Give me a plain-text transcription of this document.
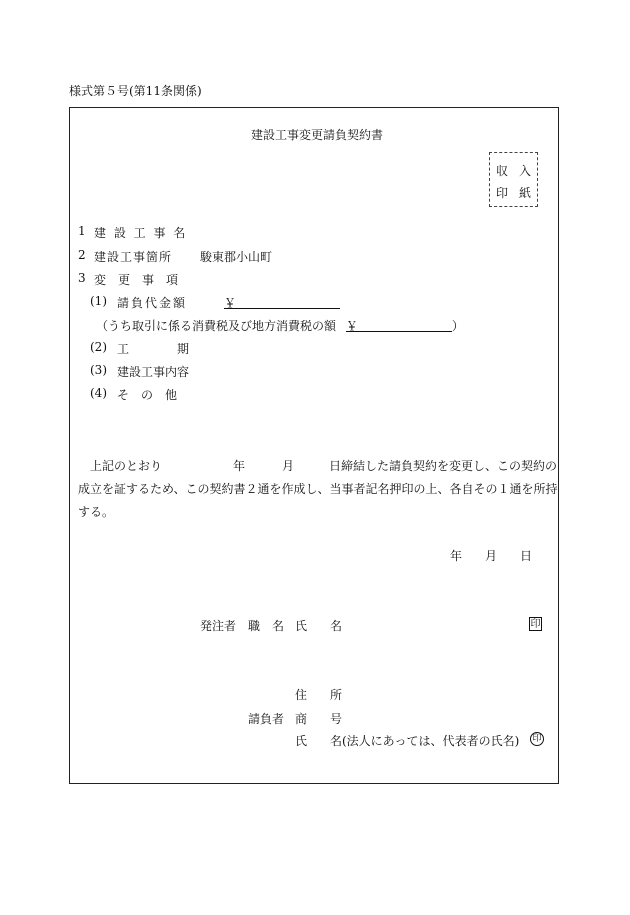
様式第５号(第11条関係)
建設工事変更請負契約書
収 入
印 紙
1 建 設 工 事 名
2 建設工事箇所 駿東郡小山町
3 変　更　事　項
(1) 請負代金額	￥
（うち取引に係る消費税及び地方消費税の額 ￥	）
(2) 工	期
(3) 建設工事内容
(4) そ　の　他
上記のとおり	年	月	日締結した請負契約を変更し、この契約の
成立を証するため、この契約書２通を作成し、当事者記名押印の上、各自その１通を所持
する。
年 月 日
発注者 職 名 氏 名	印
住 所
請負者 商 号
氏 名(法人にあっては、代表者の氏名) 印
